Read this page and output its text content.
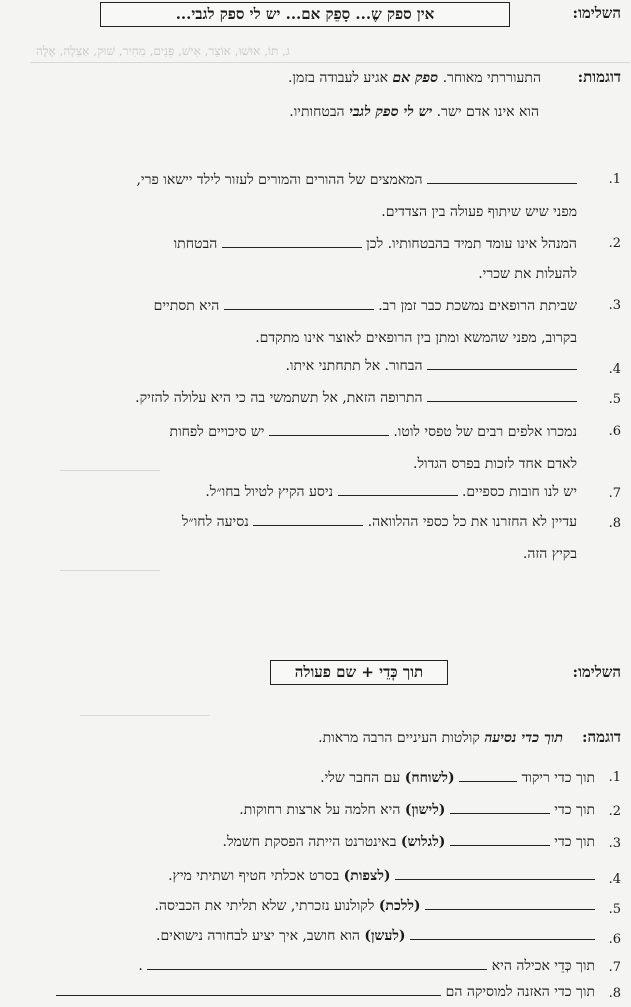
ג, תּוֹ, אוּשׁוּ, אוֹצֵר, אִישׁ, פְּנִים, מִחִיר, שׁוּק, אַצְלָה, אָלָה
השלימו:
אין ספק שֶ... סָפֵק אם... יש לי ספק לגבי...
דוגמות:
התעוררתי מאוחר. ספק אם אגיע לעבודה בזמן.
הוא אינו אדם ישר. יש לי ספק לגבי הבטחותיו.
1.
המאמצים של ההורים והמורים לעזור לילד יישאו פרי,
מפני שיש שיתוף פעולה בין הצדדים.
2.
המנהל אינו עומד תמיד בהבטחותיו. לכן  הבטחתו
להעלות את שכרי.
3.
שביתת הרופאים נמשכת כבר זמן רב.  היא תסתיים
בקרוב, מפני שהמשא ומתן בין הרופאים לאוצר אינו מתקדם.
4.
הבחור. אל תתחתני איתו.
5.
התרופה הזאת, אל תשתמשי בה כי היא עלולה להזיק.
6.
נמכרו אלפים רבים של טפסי לוטו.  יש סיכויים לפחות
לאדם אחד לזכות בפרס הגדול.
7.
יש לנו חובות כספיים.  ניסע הקיץ לטיול בחו״ל.
8.
עדיין לא החזרנו את כל כספי ההלוואה.  נסיעה לחו״ל
בקיץ הזה.
השלימו:
תוך כְּדֵי + שם פעולה
דוגמה:
תוך כדי נסיעה קולטות העיניים הרבה מראות.
1.
תוך כדי ריקוד  (לשוחח) עם החבר שלי.
2.
תוך כדי  (לישון) היא חלמה על ארצות רחוקות.
3.
תוך כדי  (לגלוש) באינטרנט הייתה הפסקת חשמל.
4.
(לצפות) בסרט אכלתי חטיף ושתיתי מיץ.
5.
(ללכת) לקולנוע נזכרתי, שלא תליתי את הכביסה.
6.
(לעשן) הוא חושב, איך יציע לבחורה נישואים.
7.
תוך כְּדֵי אכילה היא  .
8.
תוך כדי האזנה למוסיקה הם
